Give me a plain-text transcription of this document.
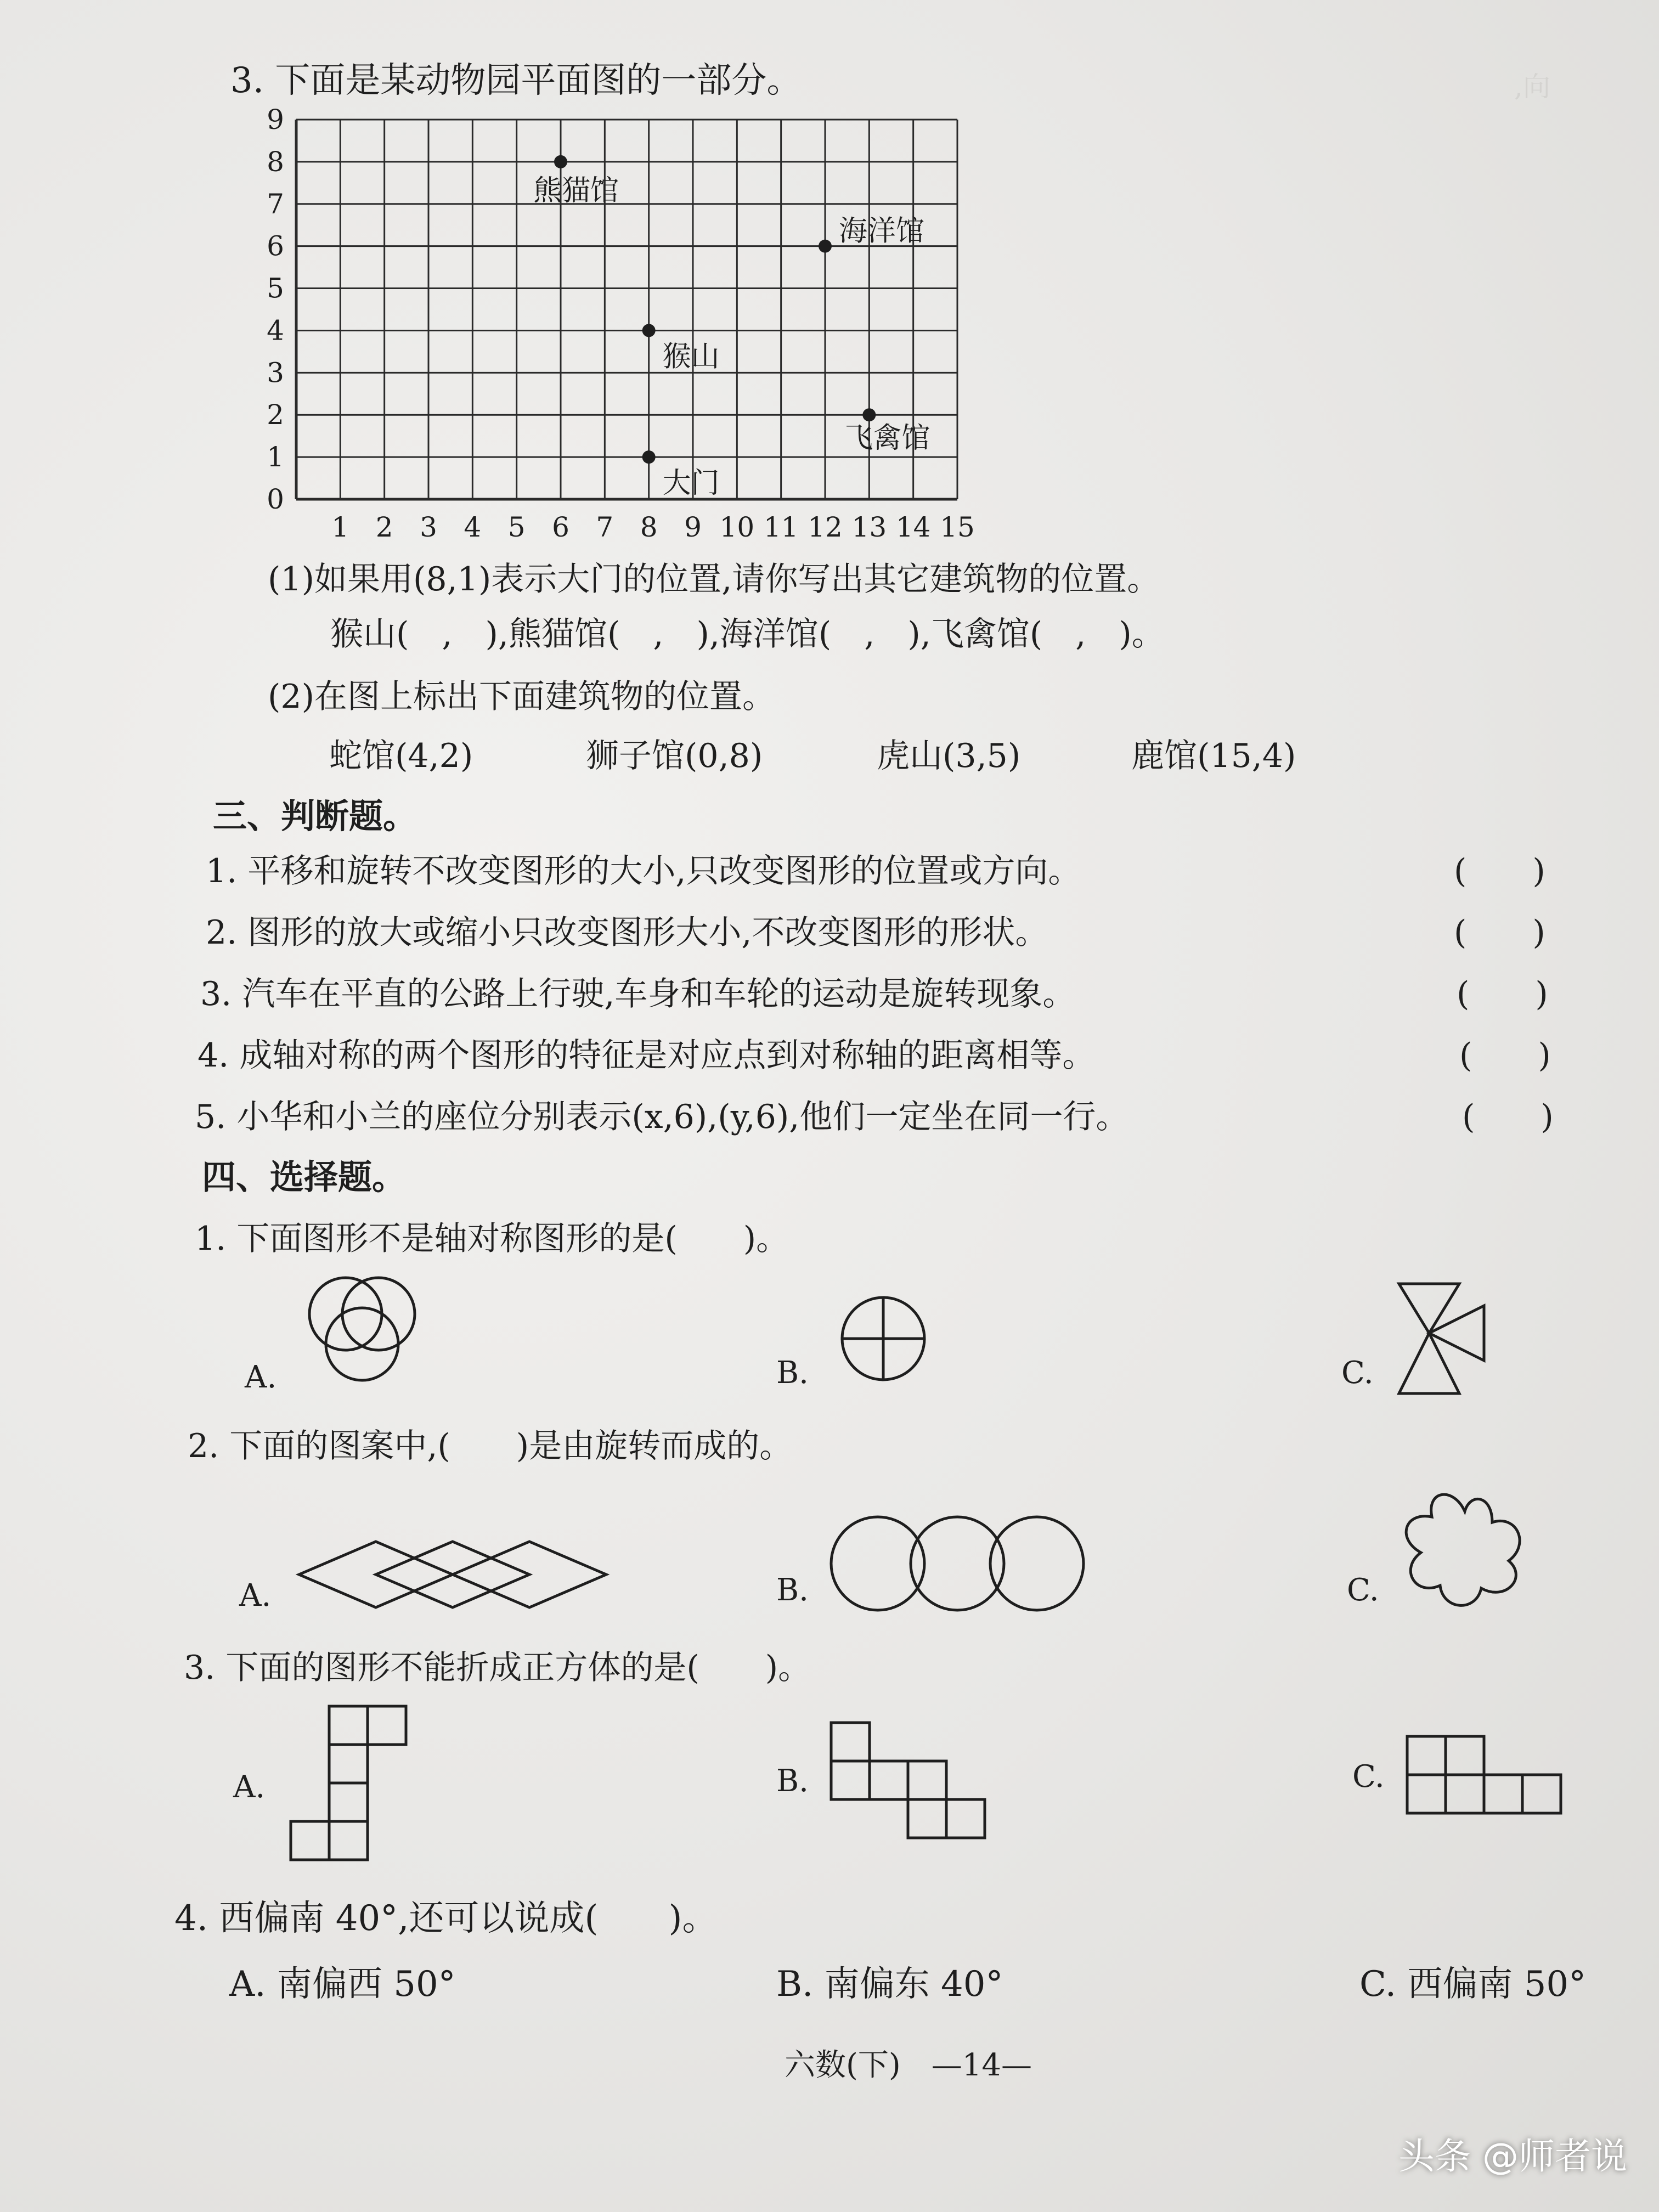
,向
3. 下面是某动物园平面图的一部分。
1 2 3 4 5 6 7 8 9 10 11 12 13 14 15
0
1
2
3
4
5
6
7
8
9
熊猫馆
海洋馆
猴山
飞禽馆
大门
(1)如果用(8,1)表示大门的位置,请你写出其它建筑物的位置。
猴山(　,　),熊猫馆(　,　),海洋馆(　,　),飞禽馆(　,　)。
(2)在图上标出下面建筑物的位置。
蛇馆(4,2)	狮子馆(0,8)	虎山(3,5)	鹿馆(15,4)
三、判断题。
1. 平移和旋转不改变图形的大小,只改变图形的位置或方向。	(　　)
2. 图形的放大或缩小只改变图形大小,不改变图形的形状。	(　　)
3. 汽车在平直的公路上行驶,车身和车轮的运动是旋转现象。	(　　)
4. 成轴对称的两个图形的特征是对应点到对称轴的距离相等。	(　　)
5. 小华和小兰的座位分别表示(x,6),(y,6),他们一定坐在同一行。	(　　)
四、选择题。
1. 下面图形不是轴对称图形的是(　　)。
A.	B.	C.
2. 下面的图案中,(　　)是由旋转而成的。
A.	B.	C.
3. 下面的图形不能折成正方体的是(　　)。
A.	B.	C.
4. 西偏南 40°,还可以说成(　　)。
A. 南偏西 50°	B. 南偏东 40°	C. 西偏南 50°
六数(下)　—14—
头条 @师者说
